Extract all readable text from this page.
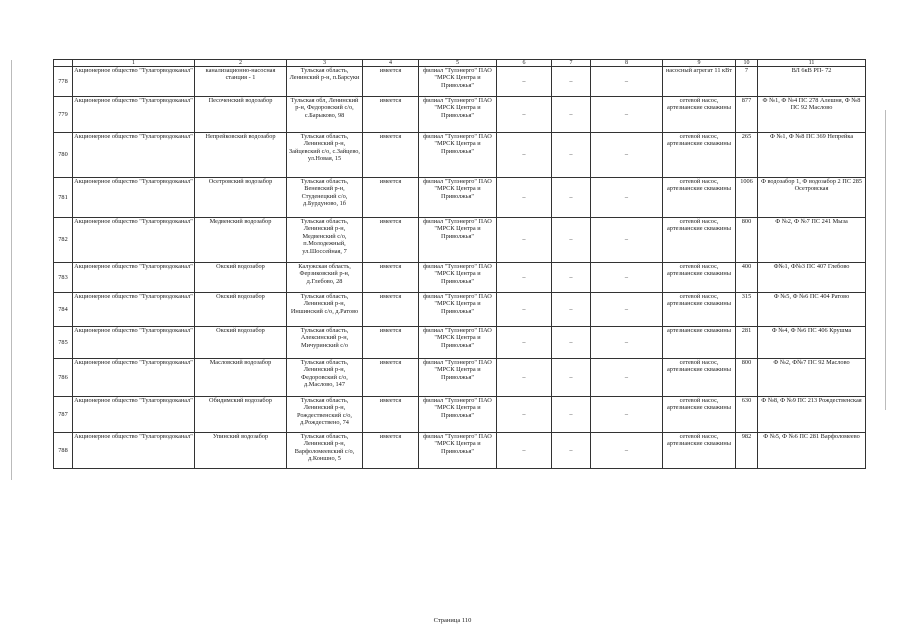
	1	2	3	4	5	6	7	8	9	10	11
778	Акционерное общество "Тулагорводоканал"	канализационно-насосная станция - 1	Тульская область, Ленинский р-н, п.Барсуки	имеется	филиал "Тулэнерго" ПАО "МРСК Центра и Приволжья"	–	–	–	насосный агрегат 11 кВт	7	ВЛ 6кВ РП- 72
779	Акционерное общество "Тулагорводоканал"	Песоченский водозабор	Тульская обл, Ленинский р-н, Федоровский с/о, с.Барыково, 98	имеется	филиал "Тулэнерго" ПАО "МРСК Центра и Приволжья"	–	–	–	сетевой насос, артезианские скважины	877	Ф №1, Ф №4 ПС 278 Алешня, Ф №8 ПС 92 Маслово
780	Акционерное общество "Тулагорводоканал"	Непрейковский водозабор	Тульская область, Ленинский р-н, Зайцевский с/о, с.Зайцево, ул.Новая, 15	имеется	филиал "Тулэнерго" ПАО "МРСК Центра и Приволжья"	–	–	–	сетевой насос, артезианские скважины	265	Ф №1, Ф №8 ПС 369 Непрейка
781	Акционерное общество "Тулагорводоканал"	Осетровский водозабор	Тульская область, Веневский р-н, Студенецкий с/о, д.Бурдуново, 1б	имеется	филиал "Тулэнерго" ПАО "МРСК Центра и Приволжья"	–	–	–	сетевой насос, артезианские скважины	1006	Ф водозабор 1, Ф водозабор 2 ПС 285 Осетровская
782	Акционерное общество "Тулагорводоканал"	Медвенский водозабор	Тульская область, Ленинский р-н, Медвенский с/о, п.Молодежный, ул.Шоссейная, 7	имеется	филиал "Тулэнерго" ПАО "МРСК Центра и Приволжья"	–	–	–	сетевой насос, артезианские скважины	800	Ф №2, Ф №7 ПС 241 Мыза
783	Акционерное общество "Тулагорводоканал"	Окский водозабор	Калужская область, Ферзиковский р-н, д.Глебово, 28	имеется	филиал "Тулэнерго" ПАО "МРСК Центра и Приволжья"	–	–	–	сетевой насос, артезианские скважины	400	Ф№1, Ф№3 ПС 407 Глебово
784	Акционерное общество "Тулагорводоканал"	Окский водозабор	Тульская область, Ленинский р-н, Иншинский с/о, д.Ратово	имеется	филиал "Тулэнерго" ПАО "МРСК Центра и Приволжья"	–	–	–	сетевой насос, артезианские скважины	315	Ф №5, Ф №6 ПС 404 Ратово
785	Акционерное общество "Тулагорводоканал"	Окский водозабор	Тульская область, Алексинский р-н, Мичуринский с/о	имеется	филиал "Тулэнерго" ПАО "МРСК Центра и Приволжья"	–	–	–	артезианские скважины	281	Ф №4, Ф №6 ПС 406 Крушма
786	Акционерное общество "Тулагорводоканал"	Масловский водозабор	Тульская область, Ленинский р-н, Федоровский с/о, д.Маслово, 147	имеется	филиал "Тулэнерго" ПАО "МРСК Центра и Приволжья"	–	–	–	сетевой насос, артезианские скважины	800	Ф №2, Ф№7 ПС 92 Маслово
787	Акционерное общество "Тулагорводоканал"	Обидимский водозабор	Тульская область, Ленинский р-н, Рождественский с/о, д.Рождествено, 74	имеется	филиал "Тулэнерго" ПАО "МРСК Центра и Приволжья"	–	–	–	сетевой насос, артезианские скважины	630	Ф №8, Ф №9 ПС 213 Рождественская
788	Акционерное общество "Тулагорводоканал"	Упинский водозабор	Тульская область, Ленинский р-н, Варфоломеевский с/о, д.Коншно, 5	имеется	филиал "Тулэнерго" ПАО "МРСК Центра и Приволжья"	–	–	–	сетевой насос, артезианские скважины	982	Ф №5, Ф №6 ПС 281 Варфоломеево
Страница 110
